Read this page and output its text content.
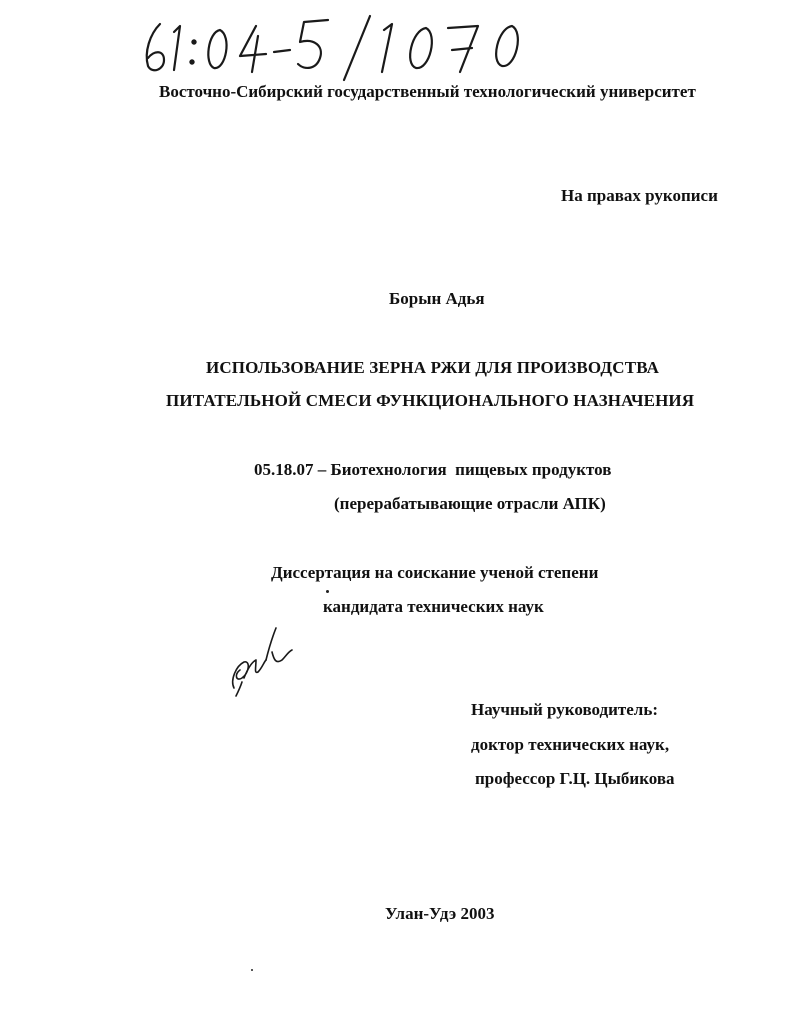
Восточно-Сибирский государственный технологический университет
На правах рукописи
Борын Адья
ИСПОЛЬЗОВАНИЕ ЗЕРНА РЖИ ДЛЯ ПРОИЗВОДСТВА
ПИТАТЕЛЬНОЙ СМЕСИ ФУНКЦИОНАЛЬНОГО НАЗНАЧЕНИЯ
05.18.07 – Биотехнология  пищевых продуктов
(перерабатывающие отрасли АПК)
Диссертация на соискание ученой степени
кандидата технических наук
Научный руководитель:
доктор технических наук,
профессор Г.Ц. Цыбикова
Улан-Удэ 2003
